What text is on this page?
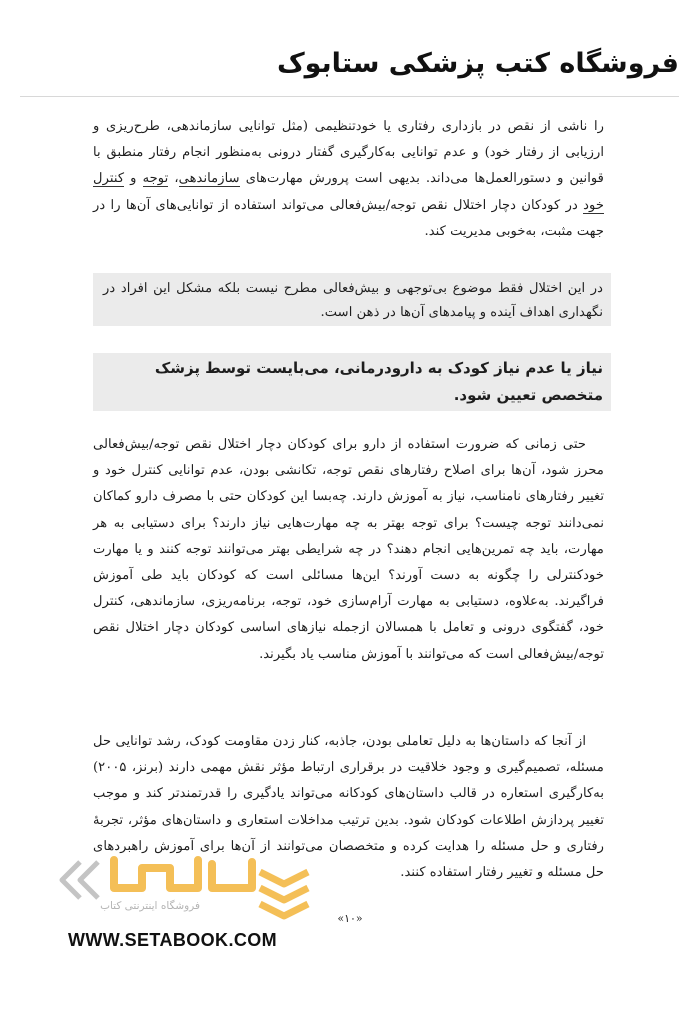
فروشگاه کتب پزشکی ستابوک

را ناشی از نقص در بازداری رفتاری یا خودتنظیمی (مثل توانایی سازماندهی، طرح‌ریزی و ارزیابی از رفتار خود) و عدم توانایی به‌کارگیری گفتار درونی به‌منظور انجام رفتار منطبق با قوانین و دستورالعمل‌ها می‌داند. بدیهی است پرورش مهارت‌های سازماندهی، توجه و کنترل خود در کودکان دچار اختلال نقص توجه/بیش‌فعالی می‌تواند استفاده از توانایی‌های آن‌ها را در جهت مثبت، به‌خوبی مدیریت کند.

در این اختلال فقط موضوع بی‌توجهی و بیش‌فعالی مطرح نیست بلکه مشکل این افراد در نگهداری اهداف آینده و پیامدهای آن‌ها در ذهن است.

نیاز یا عدم نیاز کودک به دارودرمانی، می‌بایست توسط پزشک متخصص تعیین شود.

حتی زمانی که ضرورت استفاده از دارو برای کودکان دچار اختلال نقص توجه/بیش‌فعالی محرز شود، آن‌ها برای اصلاح رفتارهای نقص توجه، تکانشی بودن، عدم توانایی کنترل خود و تغییر رفتارهای نامناسب، نیاز به آموزش دارند. چه‌بسا این کودکان حتی با مصرف دارو کماکان نمی‌دانند توجه چیست؟ برای توجه بهتر به چه مهارت‌هایی نیاز دارند؟ برای دستیابی به هر مهارت، باید چه تمرین‌هایی انجام دهند؟ در چه شرایطی بهتر می‌توانند توجه کنند و یا مهارت خودکنترلی را چگونه به دست آورند؟ این‌ها مسائلی است که کودکان باید طی آموزش فراگیرند. به‌علاوه، دستیابی به مهارت آرام‌سازی خود، توجه، برنامه‌ریزی، سازماندهی، کنترل خود، گفتگوی درونی و تعامل با همسالان ازجمله نیازهای اساسی کودکان دچار اختلال نقص توجه/بیش‌فعالی است که می‌توانند با آموزش مناسب یاد بگیرند.

از آنجا که داستان‌ها به دلیل تعاملی بودن، جاذبه، کنار زدن مقاومت کودک، رشد توانایی حل مسئله، تصمیم‌گیری و وجود خلاقیت در برقراری ارتباط مؤثر نقش مهمی دارند (برنز، ۲۰۰۵) به‌کارگیری استعاره در قالب داستان‌های کودکانه می‌تواند یادگیری را قدرتمندتر کند و موجب تغییر پردازش اطلاعات کودکان شود. بدین ترتیب مداخلات استعاری و داستان‌های مؤثر، تجربهٔ رفتاری و حل مسئله را هدایت کرده و متخصصان می‌توانند از آن‌ها برای آموزش راهبردهای حل مسئله و تغییر رفتار استفاده کنند.

فروشگاه اینترنتی کتاب
«۱۰»
WWW.SETABOOK.COM
